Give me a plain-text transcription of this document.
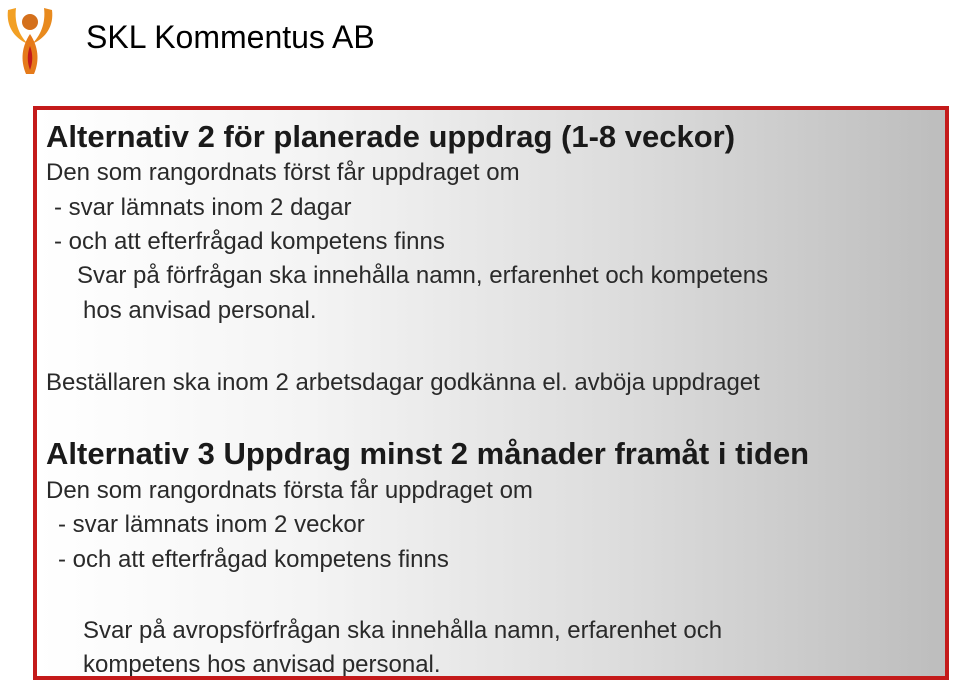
SKL Kommentus AB
Alternativ 2 för planerade uppdrag (1-8 veckor)
Den som rangordnats först får uppdraget om
- svar lämnats inom 2 dagar
- och att efterfrågad kompetens finns
Svar på förfrågan ska innehålla namn, erfarenhet och kompetens
hos anvisad personal.
Beställaren ska inom 2 arbetsdagar godkänna el. avböja uppdraget
Alternativ 3 Uppdrag minst 2 månader framåt i tiden
Den som rangordnats första får uppdraget om
- svar lämnats inom 2 veckor
- och att efterfrågad kompetens finns
Svar på avropsförfrågan ska innehålla namn, erfarenhet och
kompetens hos anvisad personal.
